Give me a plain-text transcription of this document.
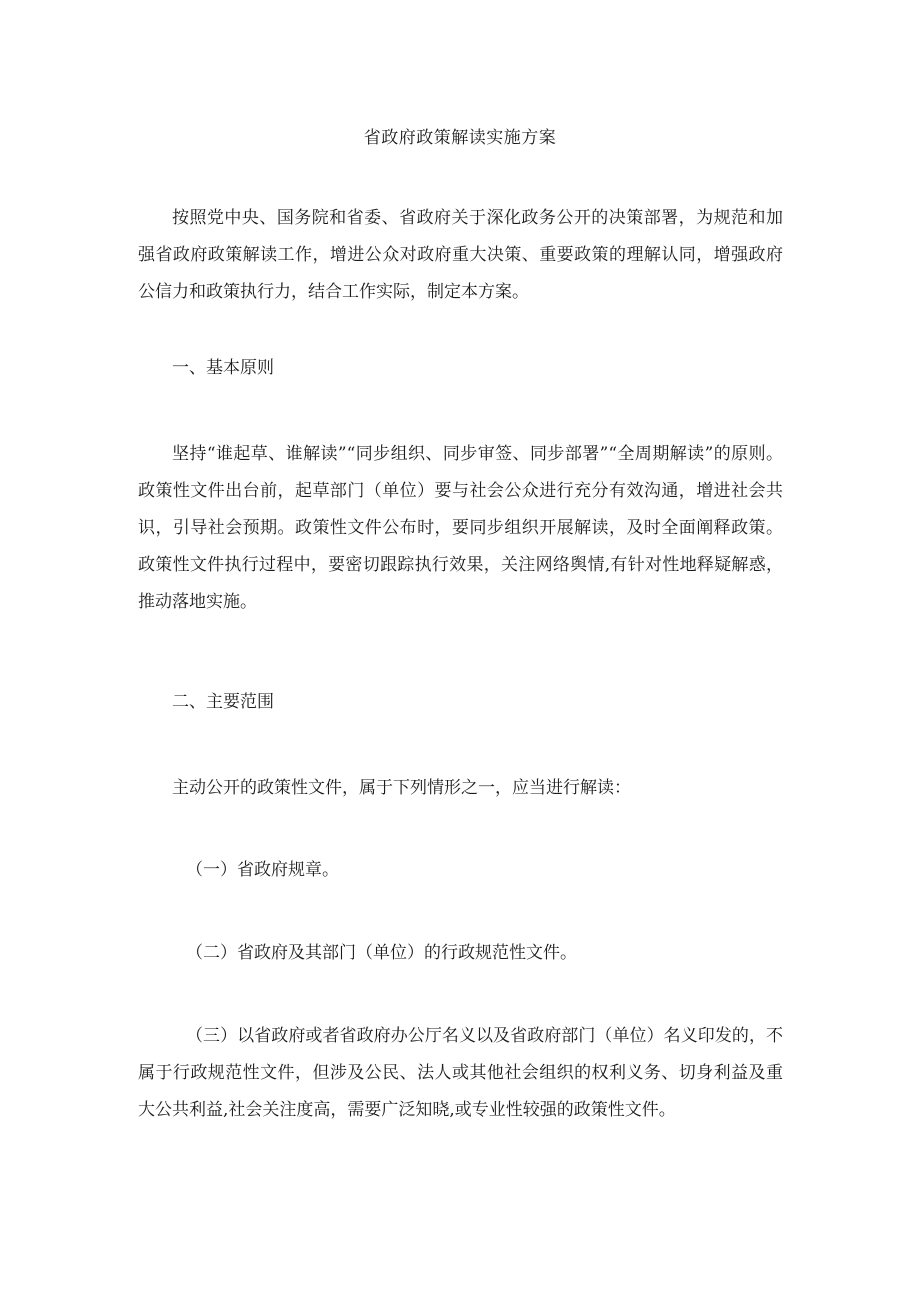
省政府政策解读实施方案

按照党中央、国务院和省委、省政府关于深化政务公开的决策部署，为规范和加强省政府政策解读工作，增进公众对政府重大决策、重要政策的理解认同，增强政府公信力和政策执行力，结合工作实际，制定本方案。

一、基本原则

坚持“谁起草、谁解读”“同步组织、同步审签、同步部署”“全周期解读”的原则。政策性文件出台前，起草部门（单位）要与社会公众进行充分有效沟通，增进社会共识，引导社会预期。政策性文件公布时，要同步组织开展解读，及时全面阐释政策。政策性文件执行过程中，要密切跟踪执行效果，关注网络舆情,有针对性地释疑解惑，推动落地实施。

二、主要范围

主动公开的政策性文件，属于下列情形之一，应当进行解读：

（一）省政府规章。

（二）省政府及其部门（单位）的行政规范性文件。

（三）以省政府或者省政府办公厅名义以及省政府部门（单位）名义印发的，不属于行政规范性文件，但涉及公民、法人或其他社会组织的权利义务、切身利益及重大公共利益,社会关注度高，需要广泛知晓,或专业性较强的政策性文件。
